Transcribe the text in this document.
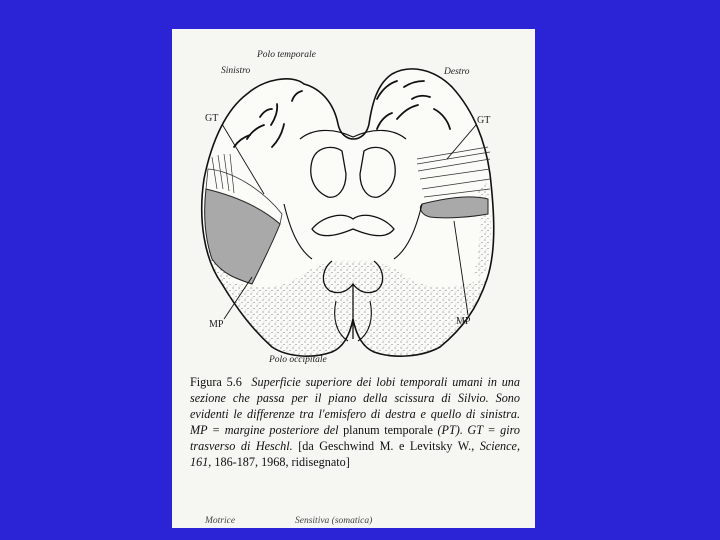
Polo temporale
Sinistro	Destro
GT	GT
MP	MP
Polo occipitale
Figura 5.6 Superficie superiore dei lobi temporali umani in una sezione che passa per il piano della scissura di Silvio. Sono evidenti le differenze tra l'emisfero di destra e quello di sinistra. MP = margine posteriore del planum temporale (PT). GT = giro trasverso di Heschl. [da Geschwind M. e Levitsky W., Science, 161, 186-187, 1968, ridisegnato]
Motrice	Sensitiva (somatica)
